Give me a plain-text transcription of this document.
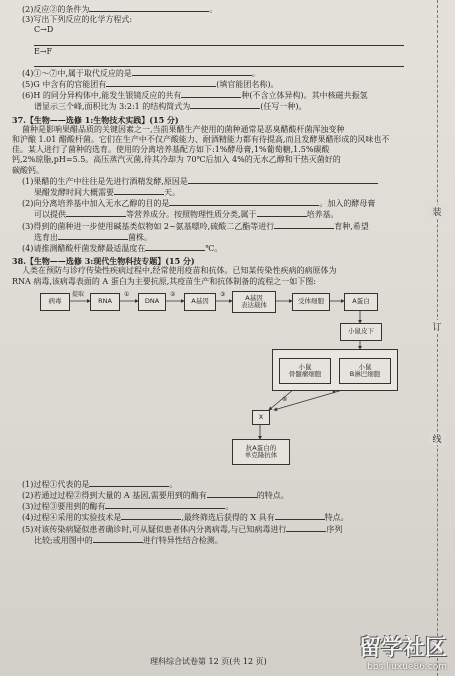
(2)反应②的条件为	。
(3)写出下列反应的化学方程式:
C→D
E→F
(4)①～⑦中,属于取代反应的是	。
(5)G 中含有的官能团有	(填官能团名称)。
(6)H 的同分异构体中,能发生银镜反应的共有	种(不含立体异构)。其中核磁共振氢
谱显示三个峰,面积比为 3:2:1 的结构简式为	(任写一种)。
37.【生物——选修 1:生物技术实践】(15 分)
菌种是影响果醋品质的关键因素之一,当前果醋生产使用的菌种通常是恶臭醋酸杆菌浑浊变种
和沪酿 1.01 醋酸杆菌。它们在生产中不仅产酸能力、耐酒精能力都有待提高,而且发酵果醋形成的风味也不
佳。某人进行了菌种的选育。使用的分离培养基配方如下:1%酵母膏,1%葡萄糖,1.5%碳酸
钙,2%琼脂,pH=5.5。高压蒸汽灭菌,待其冷却为 70℃后加入 4%的无水乙醇和干热灭菌好的
碳酸钙。
(1)果醋的生产中往往是先进行酒精发酵,原因是
果醋发酵时间大概需要	天。
(2)向分离培养基中加入无水乙醇的目的是	。加入的酵母膏
可以提供	等营养成分。按照物理性质分类,属于	培养基。
(3)得到的菌种进一步使用碱基类似物如 2~氨基嘌呤,硫酸二乙酯等进行	育种,希望
选育出	菌株。
(4)请推测醋酸杆菌发酵最适温度在	℃。
38.【生物——选修 3:现代生物科技专题】(15 分)
人类在预防与诊疗传染性疾病过程中,经常使用疫苗和抗体。已知某传染性疾病的病原体为
RNA 病毒,该病毒表面的 A 蛋白为主要抗原,其疫苗生产和抗体制备的流程之一如下图:
病毒
提取
RNA
①
DNA
②
A基因
③	A基因
表达载体	受体细胞	A蛋白
小鼠皮下
小鼠
骨髓瘤细胞
小鼠
B淋巴细胞
④
X
抗A蛋白的
单克隆抗体
(1)过程①代表的是	。
(2)若通过过程②得到大量的 A 基因,需要用到的酶有	的特点。
(3)过程③要用到的酶有	。
(4)过程④采用的实验技术是	,最终筛选后获得的 X 具有	特点。
(5)对该传染病疑似患者确诊时,可从疑似患者体内分离病毒,与已知病毒进行	序列
比较;或用图中的	进行特异性结合检测。
装
订
线
理科综合试卷第 12 页(共 12 页)
留学社区
bbs.liuxue86.com
